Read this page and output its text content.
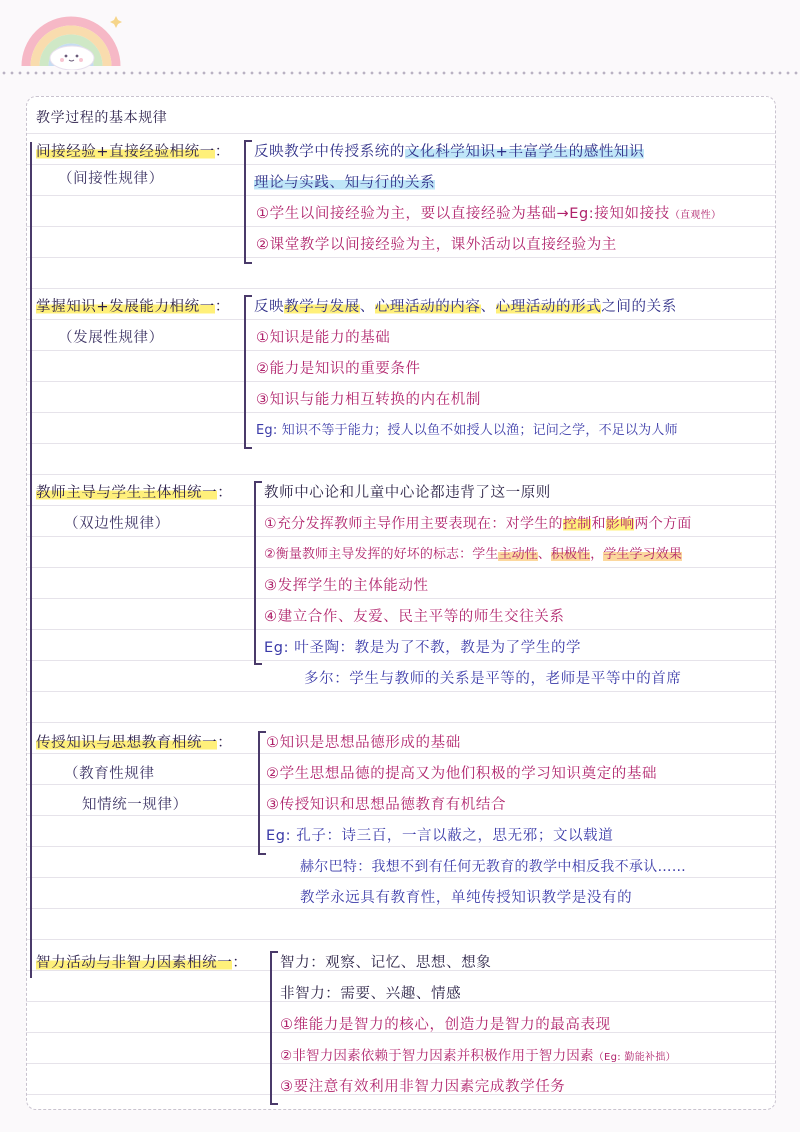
教学过程的基本规律
间接经验+直接经验相统一：
（间接性规律）
反映教学中传授系统的文化科学知识+丰富学生的感性知识
理论与实践、知与行的关系
①学生以间接经验为主，要以直接经验为基础→Eg:接知如接技（直观性）
②课堂教学以间接经验为主，课外活动以直接经验为主
掌握知识+发展能力相统一：
（发展性规律）
反映教学与发展、心理活动的内容、心理活动的形式之间的关系
①知识是能力的基础
②能力是知识的重要条件
③知识与能力相互转换的内在机制
Eg: 知识不等于能力；授人以鱼不如授人以渔；记问之学，不足以为人师
教师主导与学生主体相统一：
（双边性规律）
教师中心论和儿童中心论都违背了这一原则
①充分发挥教师主导作用主要表现在：对学生的控制和影响两个方面
②衡量教师主导发挥的好坏的标志：学生主动性、积极性，学生学习效果
③发挥学生的主体能动性
④建立合作、友爱、民主平等的师生交往关系
Eg: 叶圣陶：教是为了不教，教是为了学生的学
多尔：学生与教师的关系是平等的，老师是平等中的首席
传授知识与思想教育相统一：
（教育性规律
知情统一规律）
①知识是思想品德形成的基础
②学生思想品德的提高又为他们积极的学习知识奠定的基础
③传授知识和思想品德教育有机结合
Eg: 孔子：诗三百，一言以蔽之，思无邪；文以载道
赫尔巴特：我想不到有任何无教育的教学中相反我不承认……
教学永远具有教育性，单纯传授知识教学是没有的
智力活动与非智力因素相统一： 智力：观察、记忆、思想、想象
非智力：需要、兴趣、情感
①维能力是智力的核心，创造力是智力的最高表现
②非智力因素依赖于智力因素并积极作用于智力因素（Eg: 勤能补拙）
③要注意有效利用非智力因素完成教学任务
